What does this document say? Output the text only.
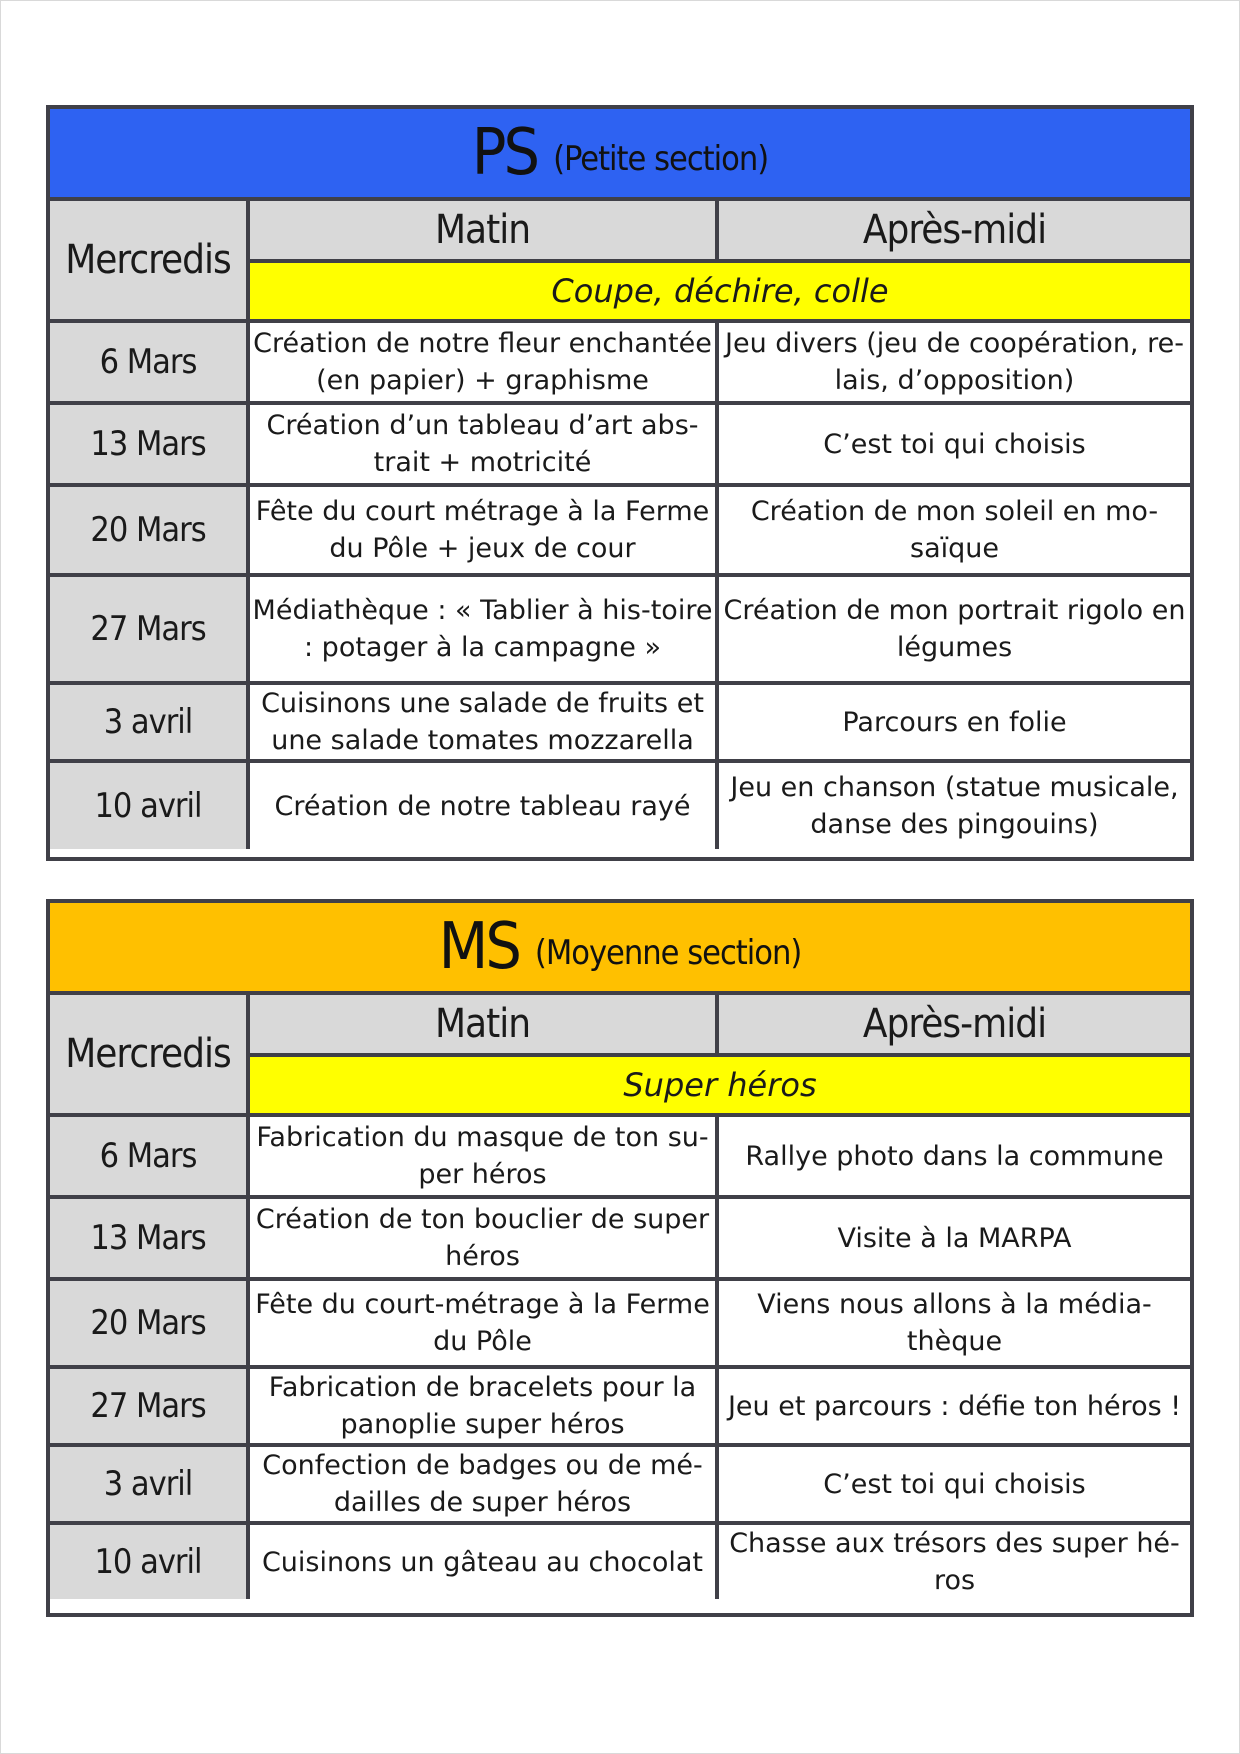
PS (Petite section)
Mercredis	Matin	Après-midi
	Coupe, déchire, colle	
6 Mars	Création de notre fleur enchantée (en papier) + graphisme	Jeu divers (jeu de coopération, re-lais, d’opposition)
13 Mars	Création d’un tableau d’art abs-trait + motricité	C’est toi qui choisis
20 Mars	Fête du court métrage à la Ferme du Pôle + jeux de cour	Création de mon soleil en mo-saïque
27 Mars	Médiathèque : « Tablier à his-toire : potager à la campagne »	Création de mon portrait rigolo en légumes
3 avril	Cuisinons une salade de fruits et une salade tomates mozzarella	Parcours en folie
10 avril	Création de notre tableau rayé	Jeu en chanson (statue musicale, danse des pingouins)
MS (Moyenne section)
Mercredis	Matin	Après-midi
	Super héros	
6 Mars	Fabrication du masque de ton su-per héros	Rallye photo dans la commune
13 Mars	Création de ton bouclier de super héros	Visite à la MARPA
20 Mars	Fête du court-métrage à la Ferme du Pôle	Viens nous allons à la média-thèque
27 Mars	Fabrication de bracelets pour la panoplie super héros	Jeu et parcours : défie ton héros !
3 avril	Confection de badges ou de mé-dailles de super héros	C’est toi qui choisis
10 avril	Cuisinons un gâteau au chocolat	Chasse aux trésors des super hé-ros
